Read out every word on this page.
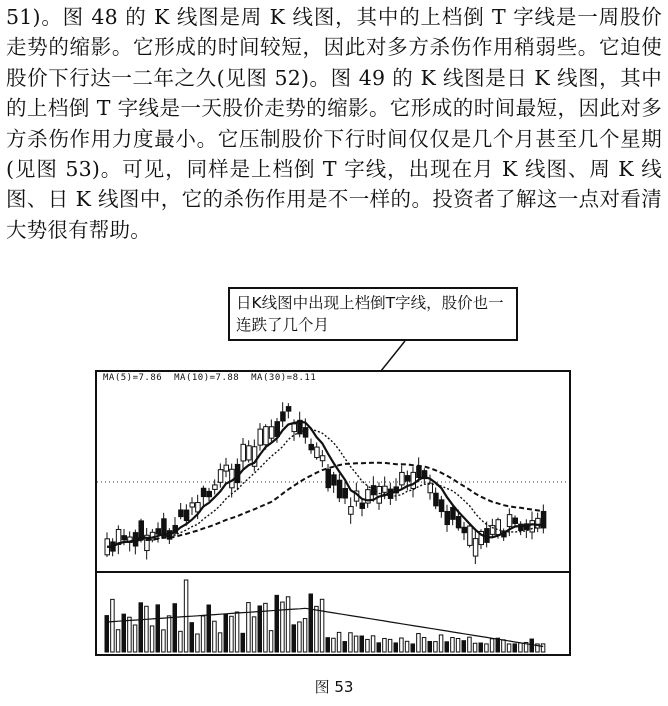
51)。图 48 的 K 线图是周 K 线图，其中的上档倒 T 字线是一周股价走势的缩影。它形成的时间较短，因此对多方杀伤作用稍弱些。它迫使股价下行达一二年之久(见图 52)。图 49 的 K 线图是日 K 线图，其中的上档倒 T 字线是一天股价走势的缩影。它形成的时间最短，因此对多方杀伤作用力度最小。它压制股价下行时间仅仅是几个月甚至几个星期(见图 53)。可见，同样是上档倒 T 字线，出现在月 K 线图、周 K 线图、日 K 线图中，它的杀伤作用是不一样的。投资者了解这一点对看清大势很有帮助。

日K线图中出现上档倒T字线，股价也一连跌了几个月
MA(5)=7.86 MA(10)=7.88 MA(30)=8.11
图 53
